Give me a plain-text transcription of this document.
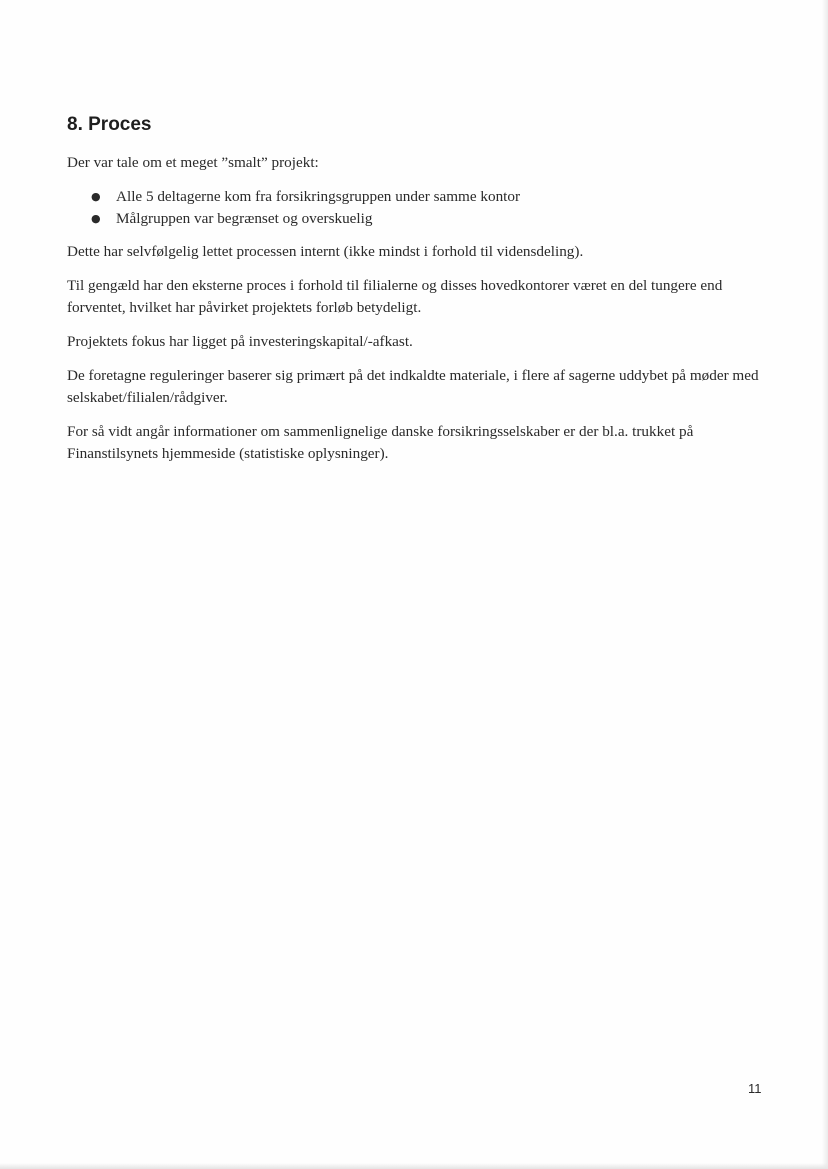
8. Proces

Der var tale om et meget ”smalt” projekt:

● Alle 5 deltagerne kom fra forsikringsgruppen under samme kontor
● Målgruppen var begrænset og overskuelig

Dette har selvfølgelig lettet processen internt (ikke mindst i forhold til vidensdeling).

Til gengæld har den eksterne proces i forhold til filialerne og disses hovedkontorer været en del tungere end forventet, hvilket har påvirket projektets forløb betydeligt.

Projektets fokus har ligget på investeringskapital/-afkast.

De foretagne reguleringer baserer sig primært på det indkaldte materiale, i flere af sagerne uddybet på møder med selskabet/filialen/rådgiver.

For så vidt angår informationer om sammenlignelige danske forsikringsselskaber er der bl.a. trukket på Finanstilsynets hjemmeside (statistiske oplysninger).

11
